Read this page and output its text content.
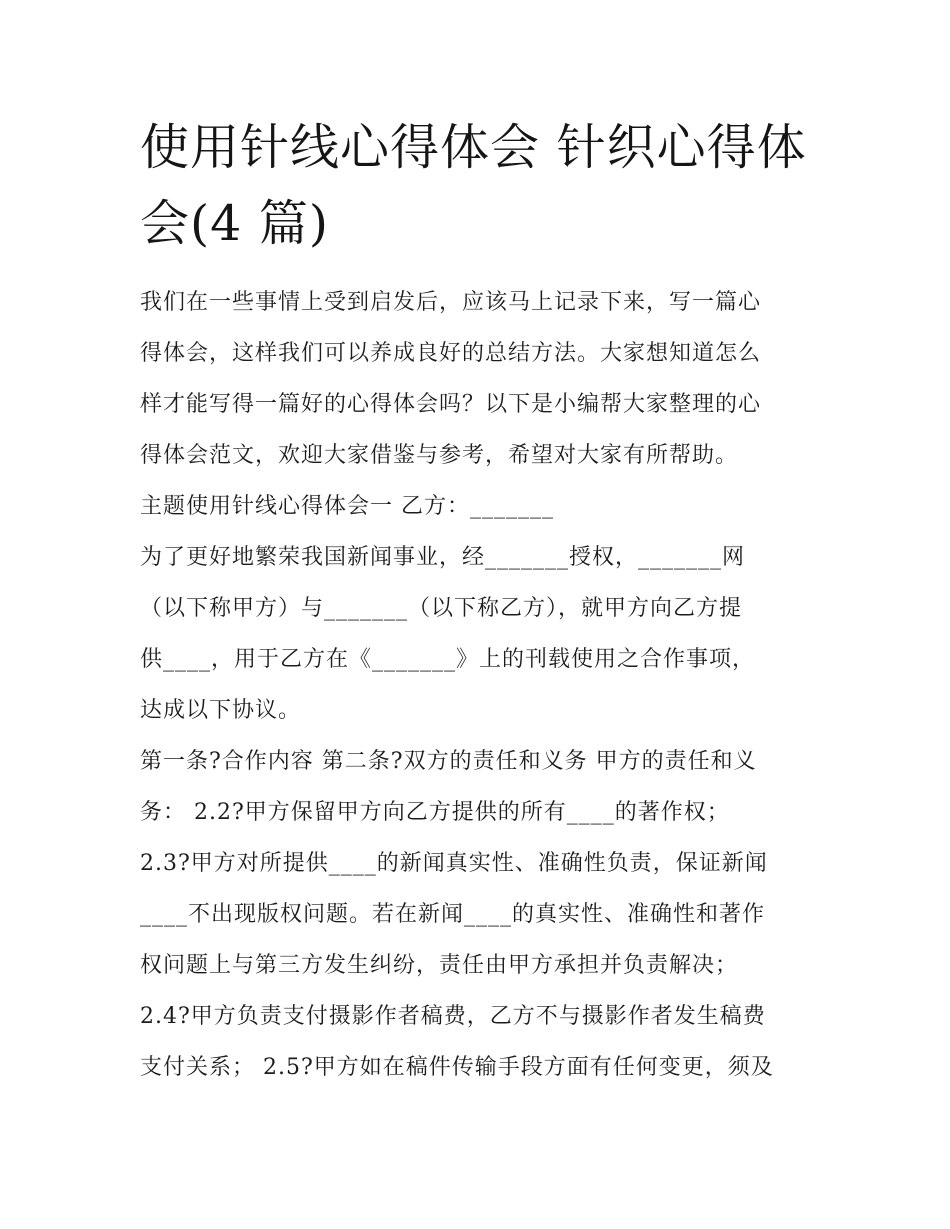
使用针线心得体会 针织心得体
会(4 篇)
我们在一些事情上受到启发后，应该马上记录下来，写一篇心
得体会，这样我们可以养成良好的总结方法。大家想知道怎么
样才能写得一篇好的心得体会吗？以下是小编帮大家整理的心
得体会范文，欢迎大家借鉴与参考，希望对大家有所帮助。
主题使用针线心得体会一 乙方：_______
为了更好地繁荣我国新闻事业，经_______授权，_______网
（以下称甲方）与_______（以下称乙方），就甲方向乙方提
供____，用于乙方在《_______》上的刊载使用之合作事项，
达成以下协议。
第一条?合作内容 第二条?双方的责任和义务 甲方的责任和义
务： 2.2?甲方保留甲方向乙方提供的所有____的著作权；
2.3?甲方对所提供____的新闻真实性、准确性负责，保证新闻
____不出现版权问题。若在新闻____的真实性、准确性和著作
权问题上与第三方发生纠纷，责任由甲方承担并负责解决；
2.4?甲方负责支付摄影作者稿费，乙方不与摄影作者发生稿费
支付关系； 2.5?甲方如在稿件传输手段方面有任何变更，须及
